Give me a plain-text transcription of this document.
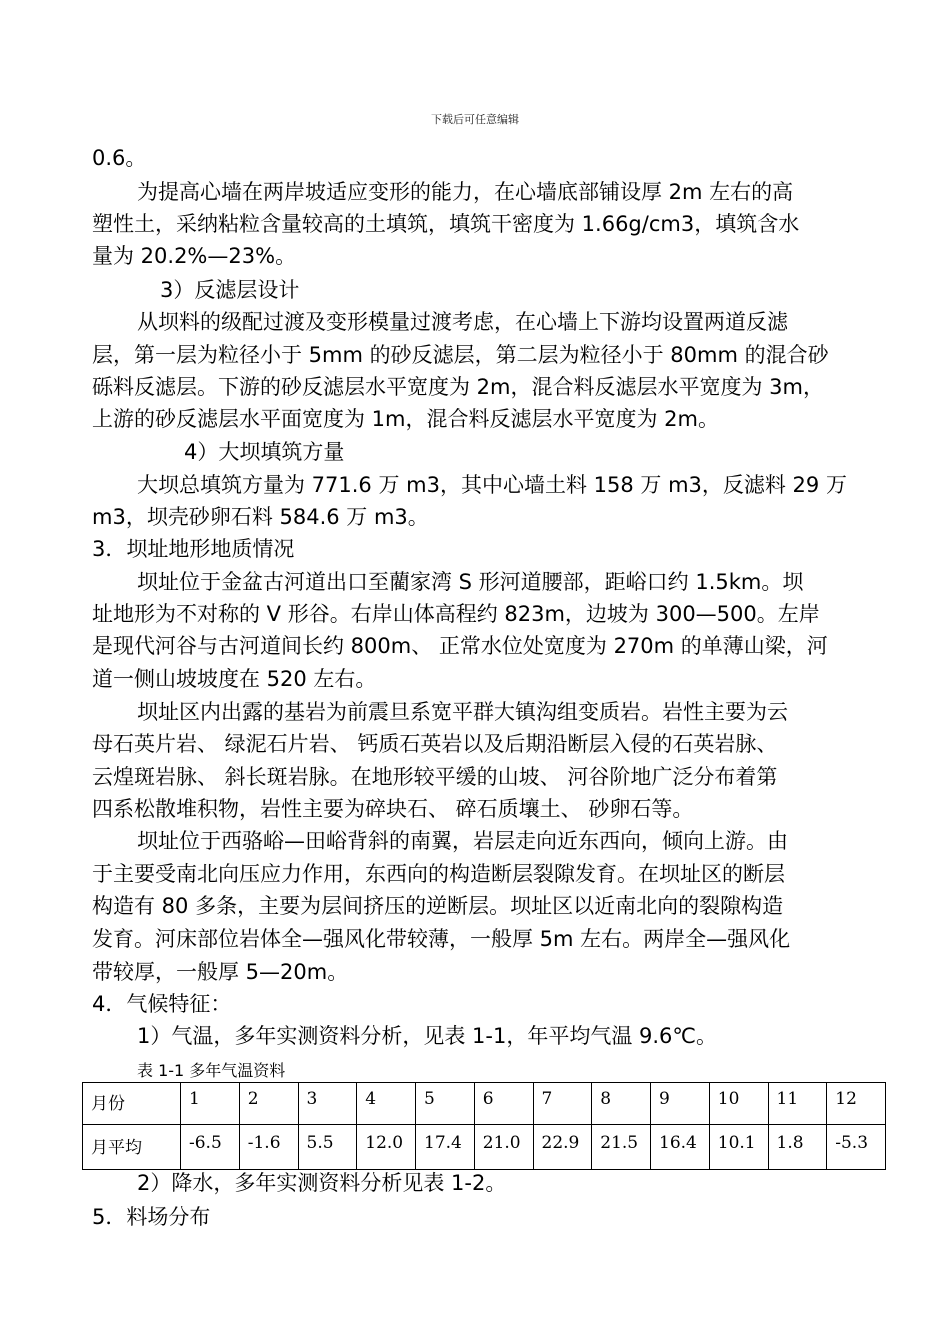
下载后可任意编辑
0.6。
为提高心墙在两岸坡适应变形的能力，在心墙底部铺设厚 2m 左右的高
塑性土，采纳粘粒含量较高的土填筑，填筑干密度为 1.66g/cm3，填筑含水
量为 20.2%—23%。
3）反滤层设计
从坝料的级配过渡及变形模量过渡考虑，在心墙上下游均设置两道反滤
层，第一层为粒径小于 5mm 的砂反滤层，第二层为粒径小于 80mm 的混合砂
砾料反滤层。下游的砂反滤层水平宽度为 2m，混合料反滤层水平宽度为 3m，
上游的砂反滤层水平面宽度为 1m，混合料反滤层水平宽度为 2m。
4）大坝填筑方量
大坝总填筑方量为 771.6 万 m3，其中心墙土料 158 万 m3，反滤料 29 万
m3，坝壳砂卵石料 584.6 万 m3。
3．坝址地形地质情况
坝址位于金盆古河道出口至藺家湾 S 形河道腰部，距峪口约 1.5km。坝
址地形为不对称的 V 形谷。右岸山体高程约 823m，边坡为 300—500。左岸
是现代河谷与古河道间长约 800m、 正常水位处宽度为 270m 的单薄山梁，河
道一侧山坡坡度在 520 左右。
坝址区内出露的基岩为前震旦系宽平群大镇沟组变质岩。岩性主要为云
母石英片岩、 绿泥石片岩、 钙质石英岩以及后期沿断层入侵的石英岩脉、
云煌斑岩脉、 斜长斑岩脉。在地形较平缓的山坡、 河谷阶地广泛分布着第
四系松散堆积物，岩性主要为碎块石、 碎石质壤土、 砂卵石等。
坝址位于西骆峪—田峪背斜的南翼，岩层走向近东西向，倾向上游。由
于主要受南北向压应力作用，东西向的构造断层裂隙发育。在坝址区的断层
构造有 80 多条，主要为层间挤压的逆断层。坝址区以近南北向的裂隙构造
发育。河床部位岩体全—强风化带较薄，一般厚 5m 左右。两岸全—强风化
带较厚，一般厚 5—20m。
4．气候特征：
1）气温，多年实测资料分析，见表 1-1，年平均气温 9.6℃。
表 1-1 多年气温资料
月份	1	2	3	4	5	6	7	8	9	10	11	12
月平均	-6.5	-1.6	5.5	12.0	17.4	21.0	22.9	21.5	16.4	10.1	1.8	-5.3
2）降水，多年实测资料分析见表 1-2。
5．料场分布
